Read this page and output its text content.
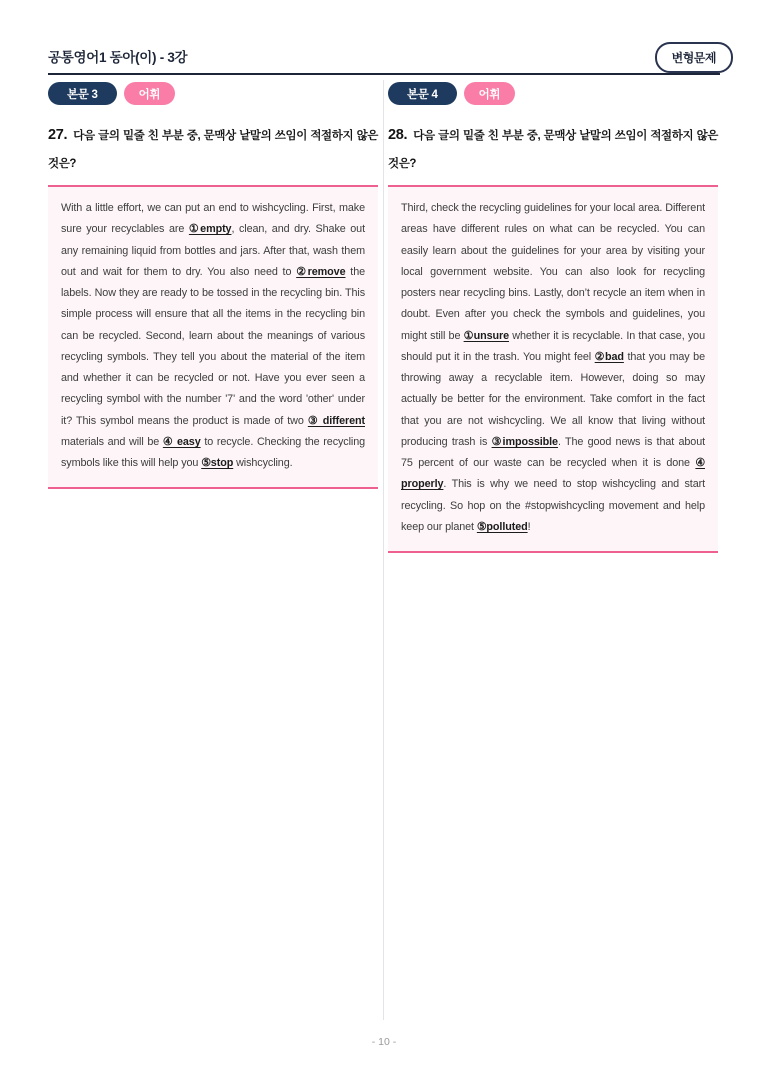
공통영어1 동아(이) - 3강	변형문제
본문 3	어휘
27. 다음 글의 밑줄 친 부분 중, 문맥상 낱말의 쓰임이 적절하지 않은 것은?
With a little effort, we can put an end to wishcycling. First, make sure your recyclables are ①empty, clean, and dry. Shake out any remaining liquid from bottles and jars. After that, wash them out and wait for them to dry. You also need to ②remove the labels. Now they are ready to be tossed in the recycling bin. This simple process will ensure that all the items in the recycling bin can be recycled. Second, learn about the meanings of various recycling symbols. They tell you about the material of the item and whether it can be recycled or not. Have you ever seen a recycling symbol with the number '7' and the word 'other' under it? This symbol means the product is made of two ③ different materials and will be ④ easy to recycle. Checking the recycling symbols like this will help you ⑤stop wishcycling.
본문 4	어휘
28. 다음 글의 밑줄 친 부분 중, 문맥상 낱말의 쓰임이 적절하지 않은 것은?
Third, check the recycling guidelines for your local area. Different areas have different rules on what can be recycled. You can easily learn about the guidelines for your area by visiting your local government website. You can also look for recycling posters near recycling bins. Lastly, don’t recycle an item when in doubt. Even after you check the symbols and guidelines, you might still be ①unsure whether it is recyclable. In that case, you should put it in the trash. You might feel ②bad that you may be throwing away a recyclable item. However, doing so may actually be better for the environment. Take comfort in the fact that you are not wishcycling. We all know that living without producing trash is ③impossible. The good news is that about 75 percent of our waste can be recycled when it is done ④ properly. This is why we need to stop wishcycling and start recycling. So hop on the #stopwishcycling movement and help keep our planet ⑤polluted!
- 10 -
